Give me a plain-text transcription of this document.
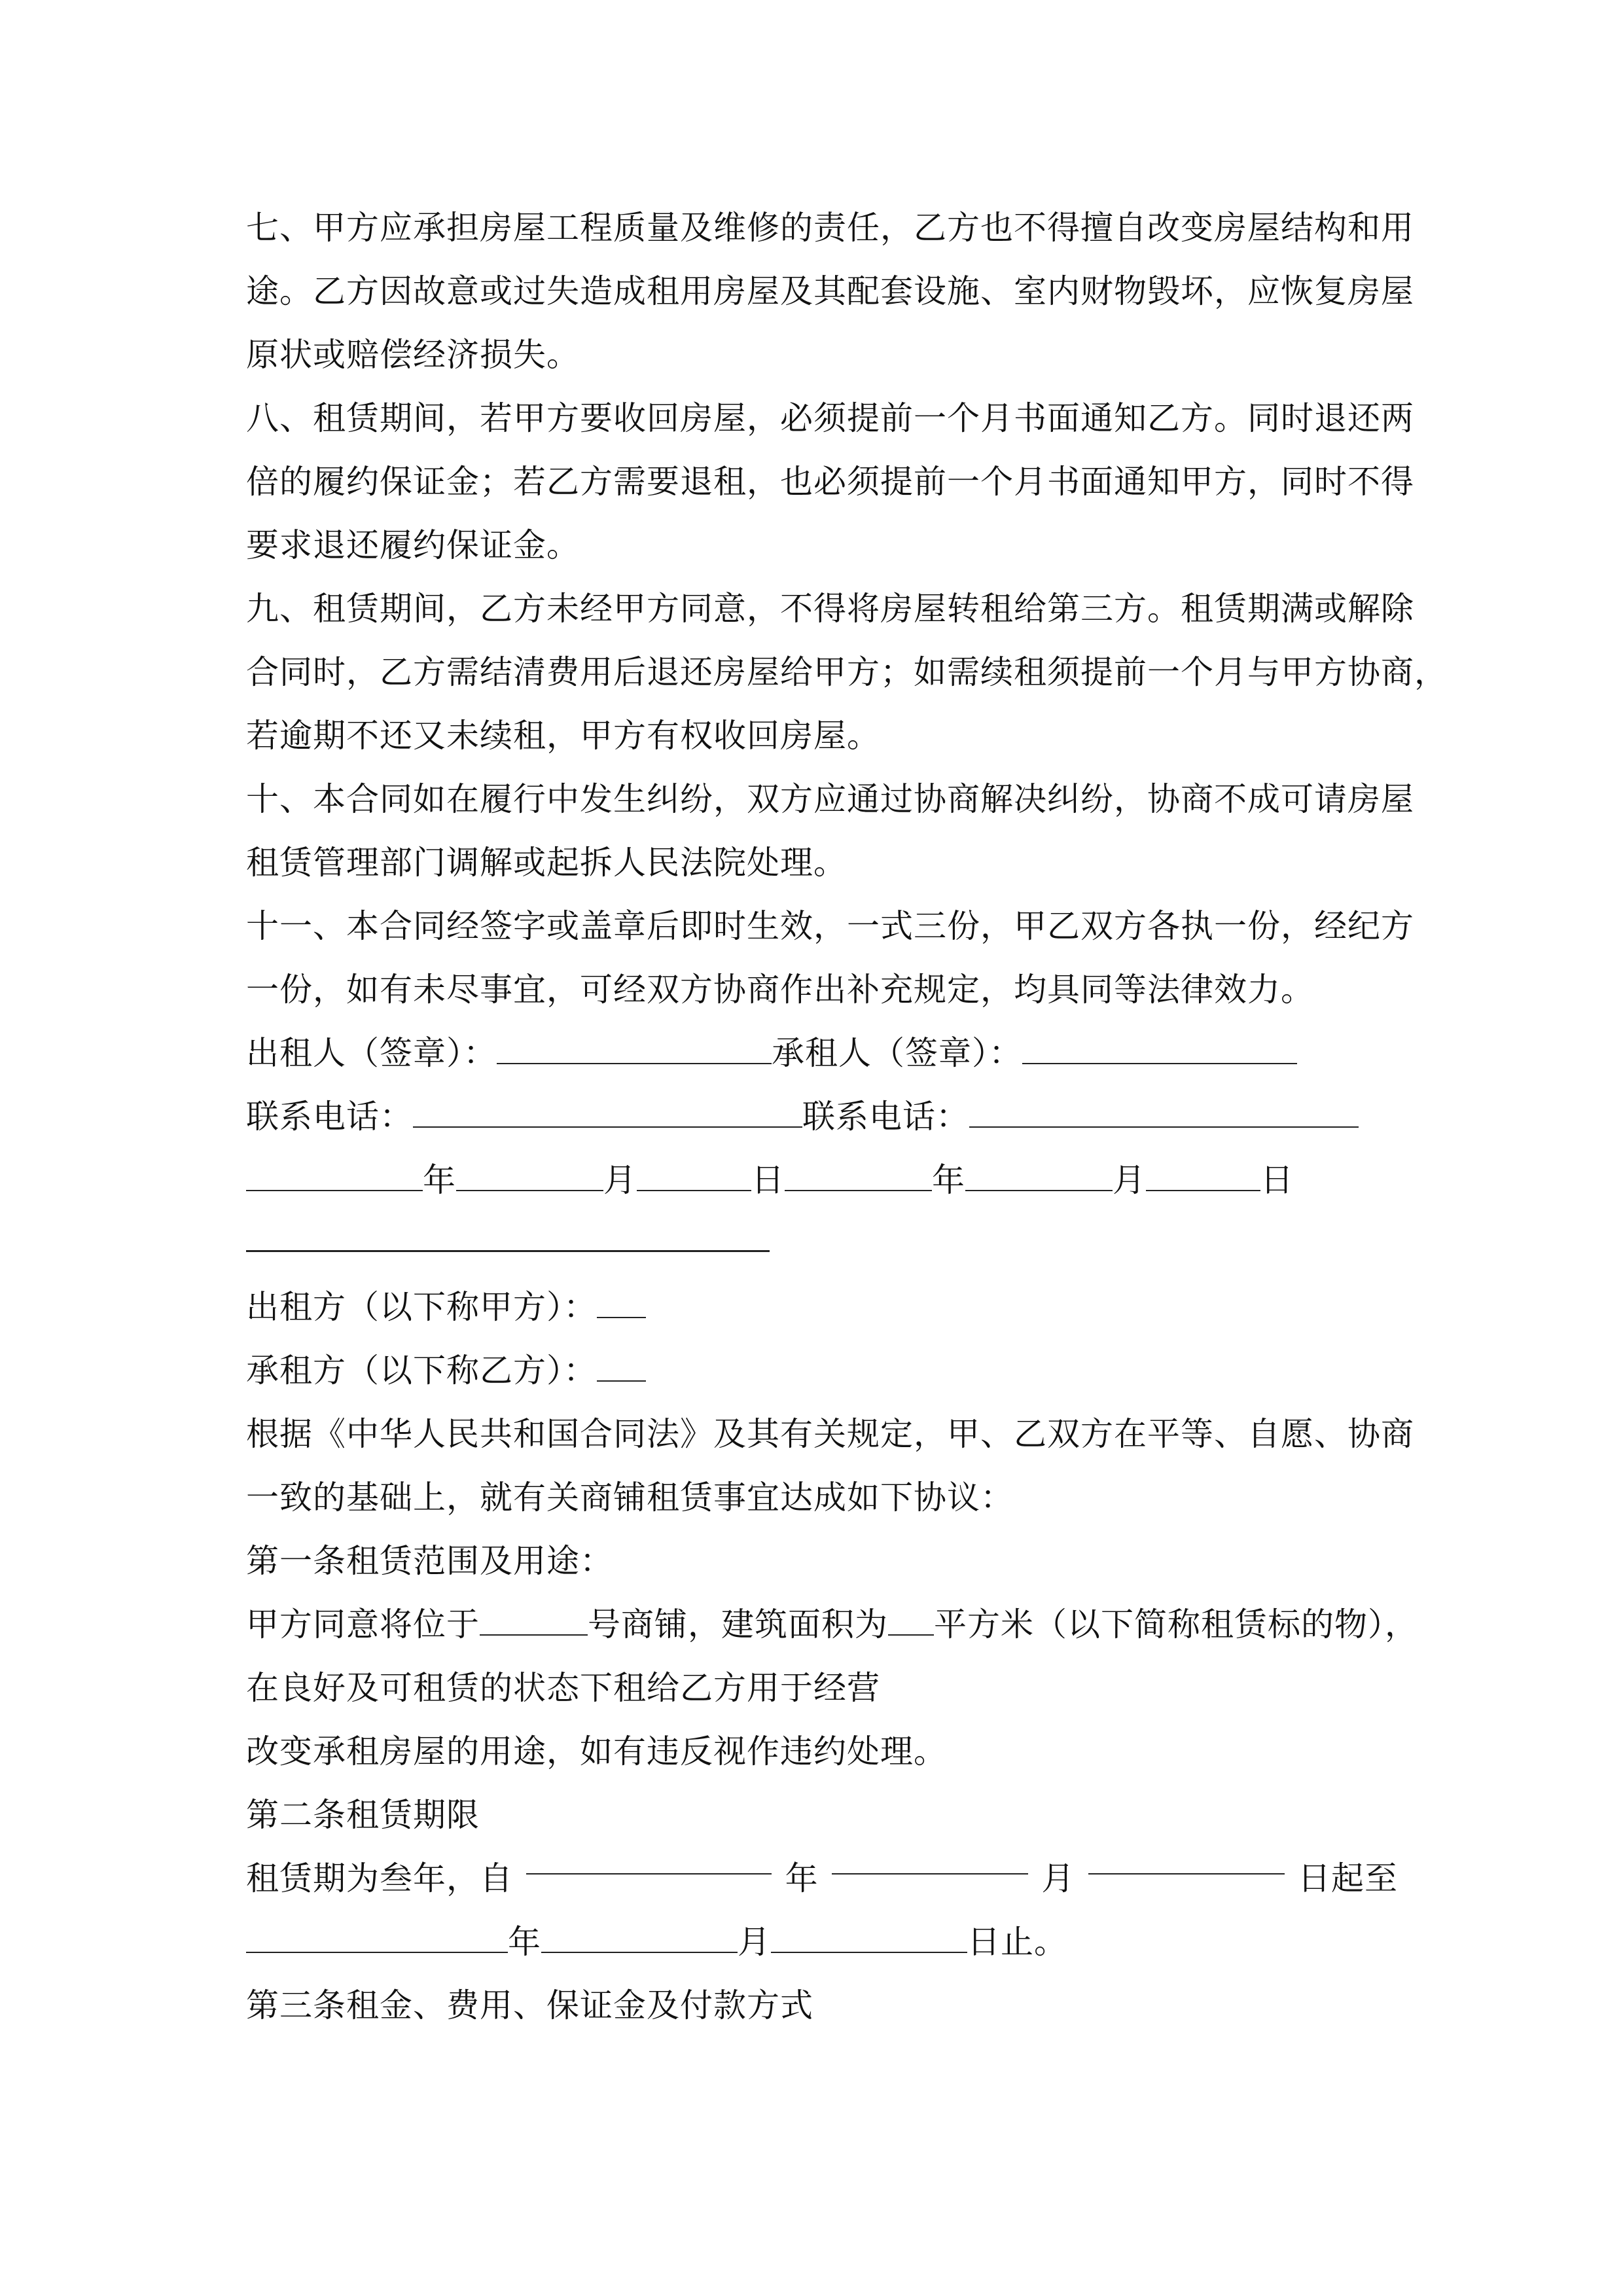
七、甲方应承担房屋工程质量及维修的责任，乙方也不得擅自改变房屋结构和用
途。乙方因故意或过失造成租用房屋及其配套设施、室内财物毁坏，应恢复房屋
原状或赔偿经济损失。
八、租赁期间，若甲方要收回房屋，必须提前一个月书面通知乙方。同时退还两
倍的履约保证金；若乙方需要退租，也必须提前一个月书面通知甲方，同时不得
要求退还履约保证金。
九、租赁期间，乙方未经甲方同意，不得将房屋转租给第三方。租赁期满或解除
合同时，乙方需结清费用后退还房屋给甲方；如需续租须提前一个月与甲方协商，
若逾期不还又未续租，甲方有权收回房屋。
十、本合同如在履行中发生纠纷，双方应通过协商解决纠纷，协商不成可请房屋
租赁管理部门调解或起拆人民法院处理。
十一、本合同经签字或盖章后即时生效，一式三份，甲乙双方各执一份，经纪方
一份，如有未尽事宜，可经双方协商作出补充规定，均具同等法律效力。
出租人（签章）：	承租人（签章）：
联系电话：	联系电话：
年	月	日	年	月	日
出租方（以下称甲方）：
承租方（以下称乙方）：
根据《中华人民共和国合同法》及其有关规定，甲、乙双方在平等、自愿、协商
一致的基础上，就有关商铺租赁事宜达成如下协议：
第一条租赁范围及用途：
甲方同意将位于	号商铺，建筑面积为 平方米（以下简称租赁标的物），
在良好及可租赁的状态下租给乙方用于经营
改变承租房屋的用途，如有违反视作违约处理。
第二条租赁期限
租赁期为叁年，自	年	月	日起至
年	月	日止。
第三条租金、费用、保证金及付款方式
